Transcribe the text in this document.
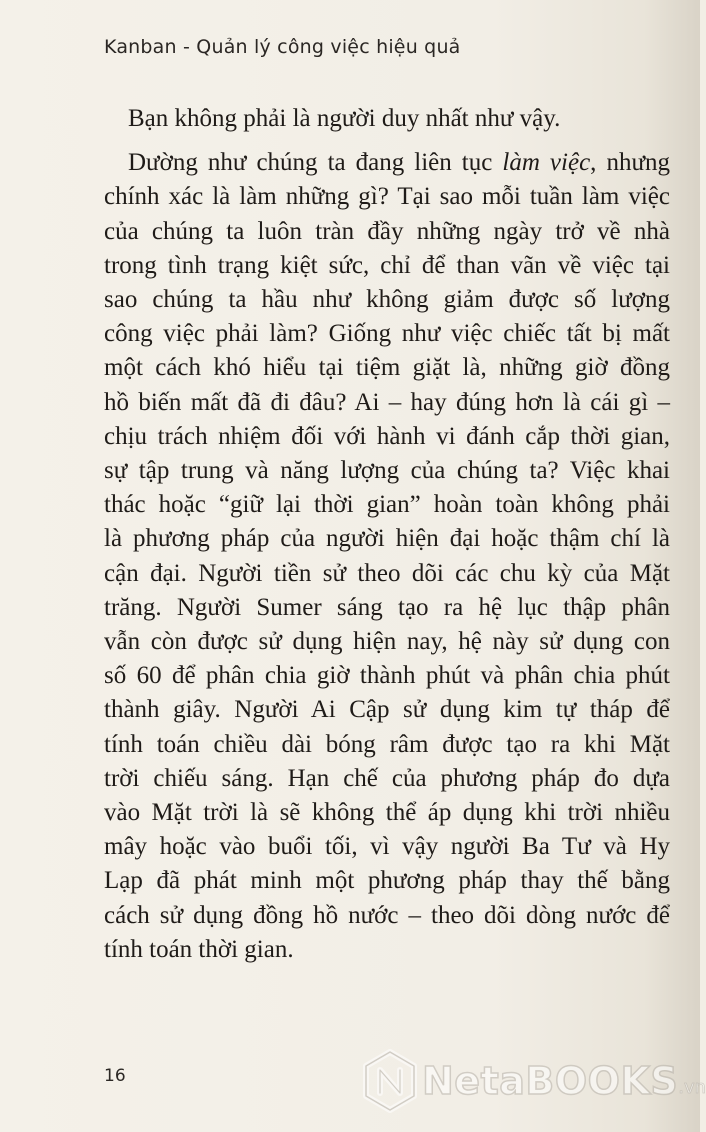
Kanban - Quản lý công việc hiệu quả

Bạn không phải là người duy nhất như vậy.

Dường như chúng ta đang liên tục làm việc, nhưng
chính xác là làm những gì? Tại sao mỗi tuần làm việc
của chúng ta luôn tràn đầy những ngày trở về nhà
trong tình trạng kiệt sức, chỉ để than vãn về việc tại
sao chúng ta hầu như không giảm được số lượng
công việc phải làm? Giống như việc chiếc tất bị mất
một cách khó hiểu tại tiệm giặt là, những giờ đồng
hồ biến mất đã đi đâu? Ai – hay đúng hơn là cái gì –
chịu trách nhiệm đối với hành vi đánh cắp thời gian,
sự tập trung và năng lượng của chúng ta? Việc khai
thác hoặc “giữ lại thời gian” hoàn toàn không phải
là phương pháp của người hiện đại hoặc thậm chí là
cận đại. Người tiền sử theo dõi các chu kỳ của Mặt
trăng. Người Sumer sáng tạo ra hệ lục thập phân
vẫn còn được sử dụng hiện nay, hệ này sử dụng con
số 60 để phân chia giờ thành phút và phân chia phút
thành giây. Người Ai Cập sử dụng kim tự tháp để
tính toán chiều dài bóng râm được tạo ra khi Mặt
trời chiếu sáng. Hạn chế của phương pháp đo dựa
vào Mặt trời là sẽ không thể áp dụng khi trời nhiều
mây hoặc vào buổi tối, vì vậy người Ba Tư và Hy
Lạp đã phát minh một phương pháp thay thế bằng
cách sử dụng đồng hồ nước – theo dõi dòng nước để
tính toán thời gian.

16	NetaBOOKS .vn
